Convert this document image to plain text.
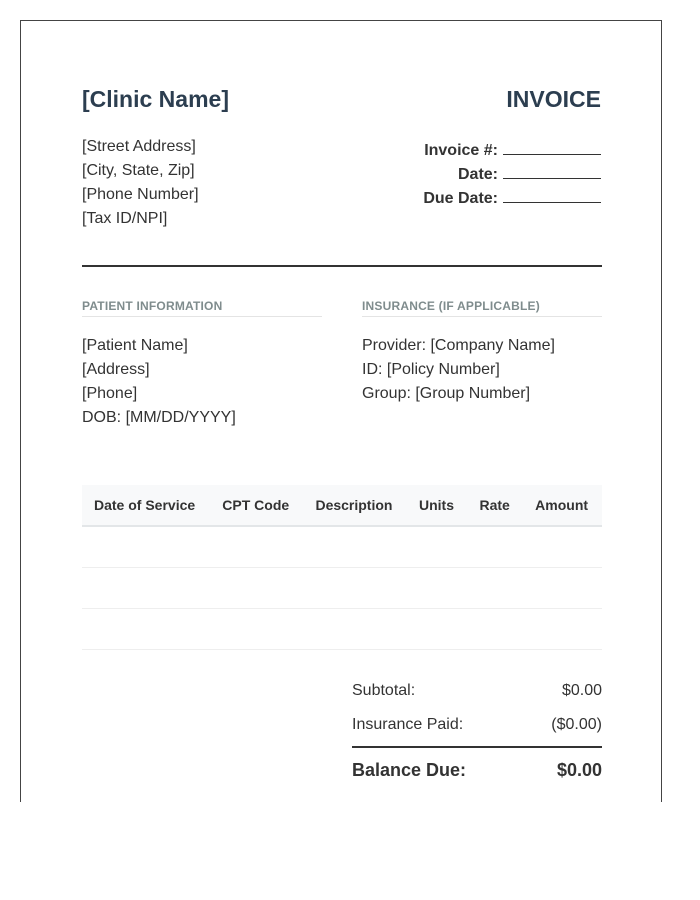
[Clinic Name]	INVOICE
[Street Address]
[City, State, Zip]
[Phone Number]
[Tax ID/NPI]
Invoice #:
Date:
Due Date:
PATIENT INFORMATION
[Patient Name]
[Address]
[Phone]
DOB: [MM/DD/YYYY]
INSURANCE (IF APPLICABLE)
Provider: [Company Name]
ID: [Policy Number]
Group: [Group Number]
Date of Service	CPT Code	Description	Units	Rate	Amount

Subtotal:	$0.00
Insurance Paid:	($0.00)
Balance Due:	$0.00
